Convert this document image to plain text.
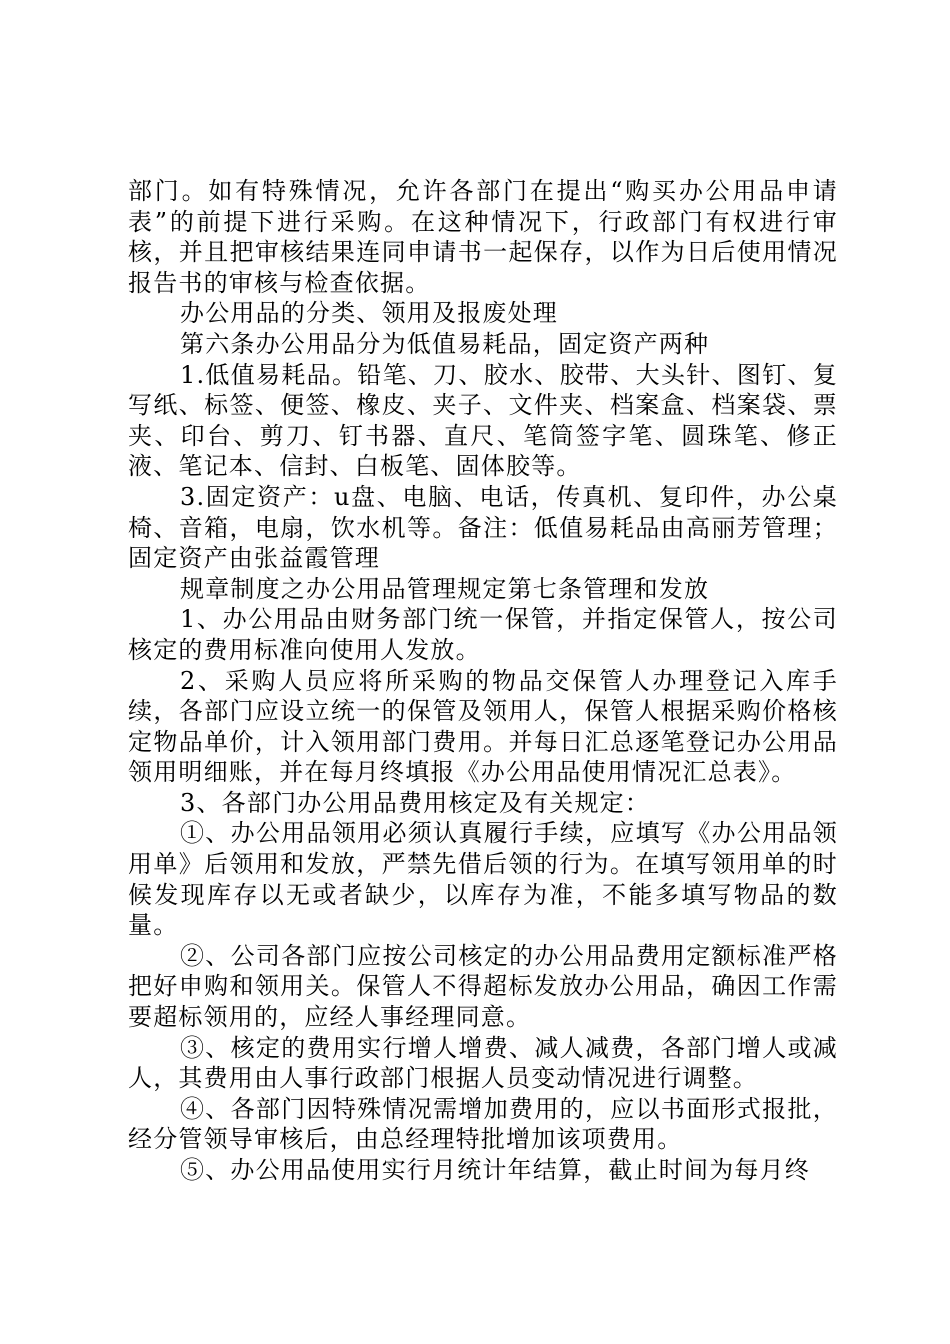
部门。如有特殊情况，允许各部门在提出“购买办公用品申请表”的前提下进行采购。在这种情况下，行政部门有权进行审核，并且把审核结果连同申请书一起保存，以作为日后使用情况报告书的审核与检查依据。

办公用品的分类、领用及报废处理

第六条办公用品分为低值易耗品，固定资产两种

1.低值易耗品。铅笔、刀、胶水、胶带、大头针、图钉、复写纸、标签、便签、橡皮、夹子、文件夹、档案盒、档案袋、票夹、印台、剪刀、钉书器、直尺、笔筒签字笔、圆珠笔、修正液、笔记本、信封、白板笔、固体胶等。

3.固定资产：u盘、电脑、电话，传真机、复印件，办公桌椅、音箱，电扇，饮水机等。备注：低值易耗品由高丽芳管理；固定资产由张益霞管理

规章制度之办公用品管理规定第七条管理和发放

1、办公用品由财务部门统一保管，并指定保管人，按公司核定的费用标准向使用人发放。

2、采购人员应将所采购的物品交保管人办理登记入库手续，各部门应设立统一的保管及领用人，保管人根据采购价格核定物品单价，计入领用部门费用。并每日汇总逐笔登记办公用品领用明细账，并在每月终填报《办公用品使用情况汇总表》。

3、各部门办公用品费用核定及有关规定：

①、办公用品领用必须认真履行手续，应填写《办公用品领用单》后领用和发放，严禁先借后领的行为。在填写领用单的时候发现库存以无或者缺少，以库存为准，不能多填写物品的数量。

②、公司各部门应按公司核定的办公用品费用定额标准严格把好申购和领用关。保管人不得超标发放办公用品，确因工作需要超标领用的，应经人事经理同意。

③、核定的费用实行增人增费、减人减费，各部门增人或减人，其费用由人事行政部门根据人员变动情况进行调整。

④、各部门因特殊情况需增加费用的，应以书面形式报批，经分管领导审核后，由总经理特批增加该项费用。

⑤、办公用品使用实行月统计年结算，截止时间为每月终
